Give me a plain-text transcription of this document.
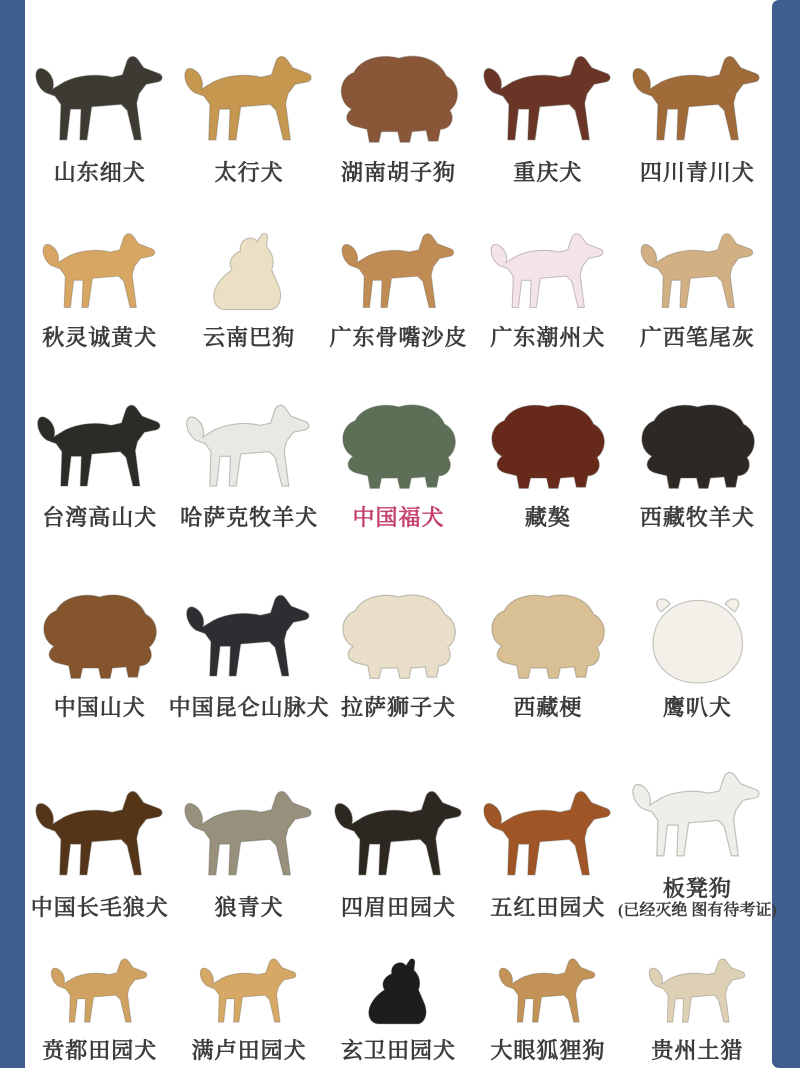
山东细犬	太行犬	湖南胡子狗	重庆犬	四川青川犬
秋灵诚黄犬 云南巴狗 广东骨嘴沙皮 广东潮州犬 广西笔尾灰
台湾高山犬 哈萨克牧羊犬 中国福犬	藏獒	西藏牧羊犬
中国山犬 中国昆仑山脉犬 拉萨狮子犬	西藏梗	鹰叭犬
中国长毛狼犬 狼青犬	四眉田园犬 五红田园犬
板凳狗
(已经灭绝 图有待考证)
贲都田园犬 满卢田园犬 玄卫田园犬 大眼狐狸狗 贵州土猎
